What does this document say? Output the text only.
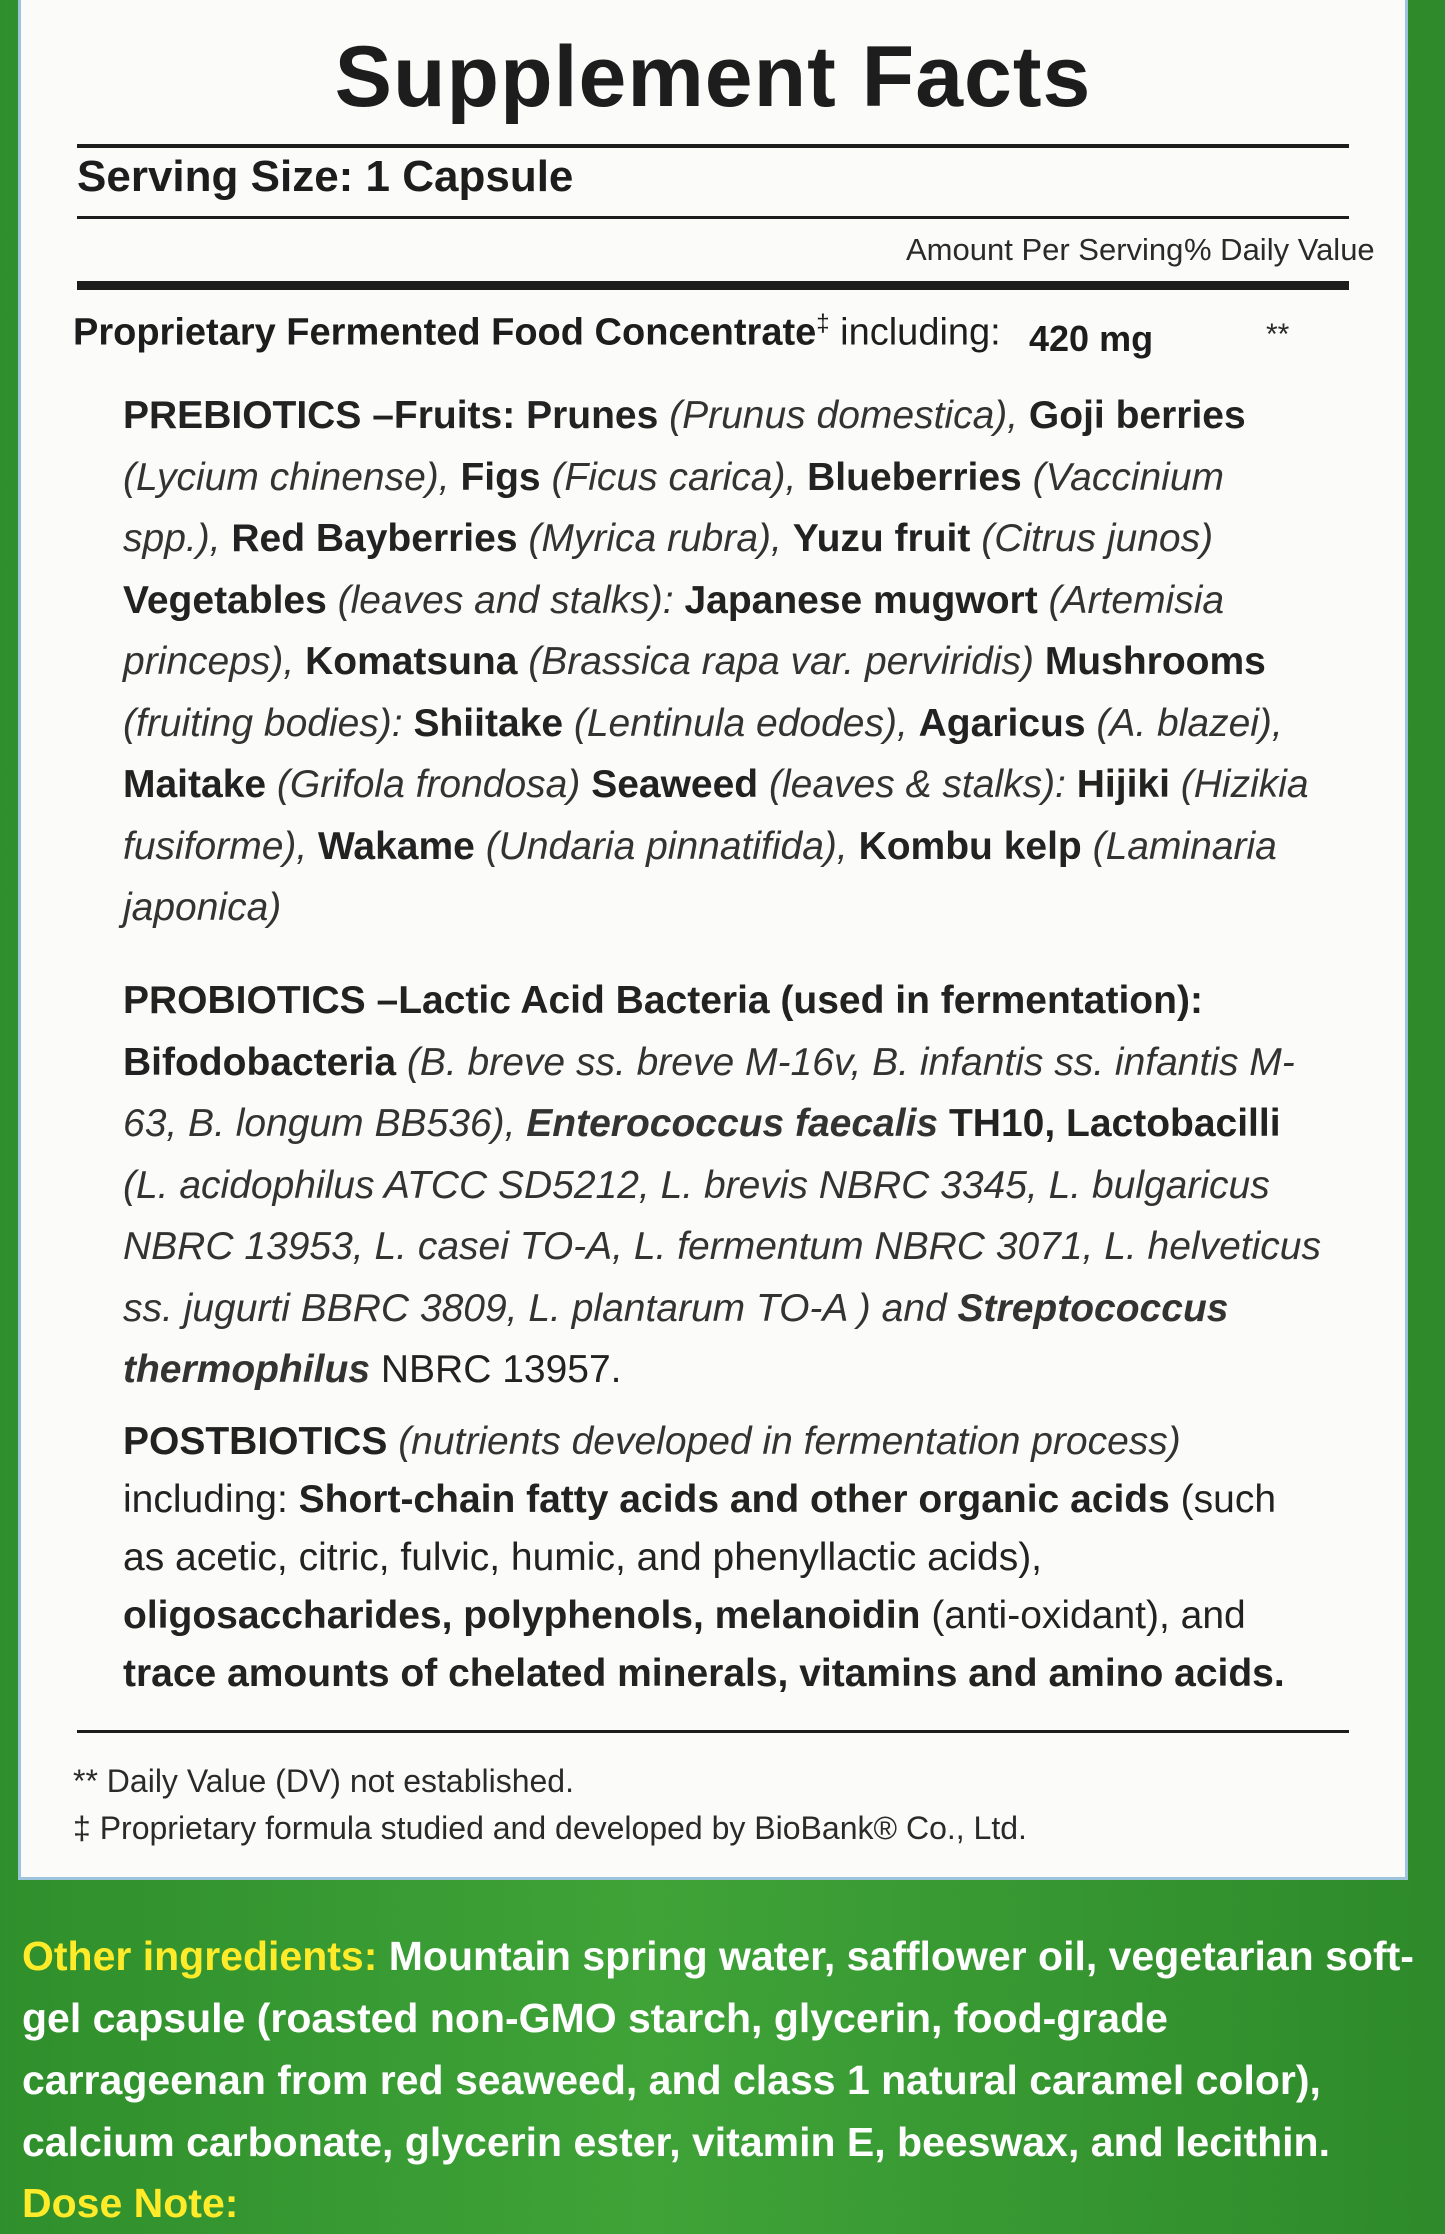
Supplement Facts
Serving Size: 1 Capsule
Amount Per Serving % Daily Value
Proprietary Fermented Food Concentrate‡ including: 420 mg	**
PREBIOTICS –Fruits: Prunes (Prunus domestica), Goji berries (Lycium chinense), Figs (Ficus carica), Blueberries (Vaccinium spp.), Red Bayberries (Myrica rubra), Yuzu fruit (Citrus junos) Vegetables (leaves and stalks): Japanese mugwort (Artemisia princeps), Komatsuna (Brassica rapa var. perviridis) Mushrooms (fruiting bodies): Shiitake (Lentinula edodes), Agaricus (A. blazei), Maitake (Grifola frondosa) Seaweed (leaves & stalks): Hijiki (Hizikia fusiforme), Wakame (Undaria pinnatifida), Kombu kelp (Laminaria japonica)
PROBIOTICS –Lactic Acid Bacteria (used in fermentation):
Bifodobacteria (B. breve ss. breve M-16v, B. infantis ss. infantis M-63, B. longum BB536), Enterococcus faecalis TH10, Lactobacilli (L. acidophilus ATCC SD5212, L. brevis NBRC 3345, L. bulgaricus NBRC 13953, L. casei TO-A, L. fermentum NBRC 3071, L. helveticus ss. jugurti BBRC 3809, L. plantarum TO-A ) and Streptococcus thermophilus NBRC 13957.
POSTBIOTICS (nutrients developed in fermentation process)
including: Short-chain fatty acids and other organic acids (such as acetic, citric, fulvic, humic, and phenyllactic acids), oligosaccharides, polyphenols, melanoidin (anti-oxidant), and trace amounts of chelated minerals, vitamins and amino acids.
** Daily Value (DV) not established.
‡ Proprietary formula studied and developed by BioBank® Co., Ltd.
Other ingredients: Mountain spring water, safflower oil, vegetarian soft-gel capsule (roasted non-GMO starch, glycerin, food-grade carrageenan from red seaweed, and class 1 natural caramel color), calcium carbonate, glycerin ester, vitamin E, beeswax, and lecithin.
Dose Note:
